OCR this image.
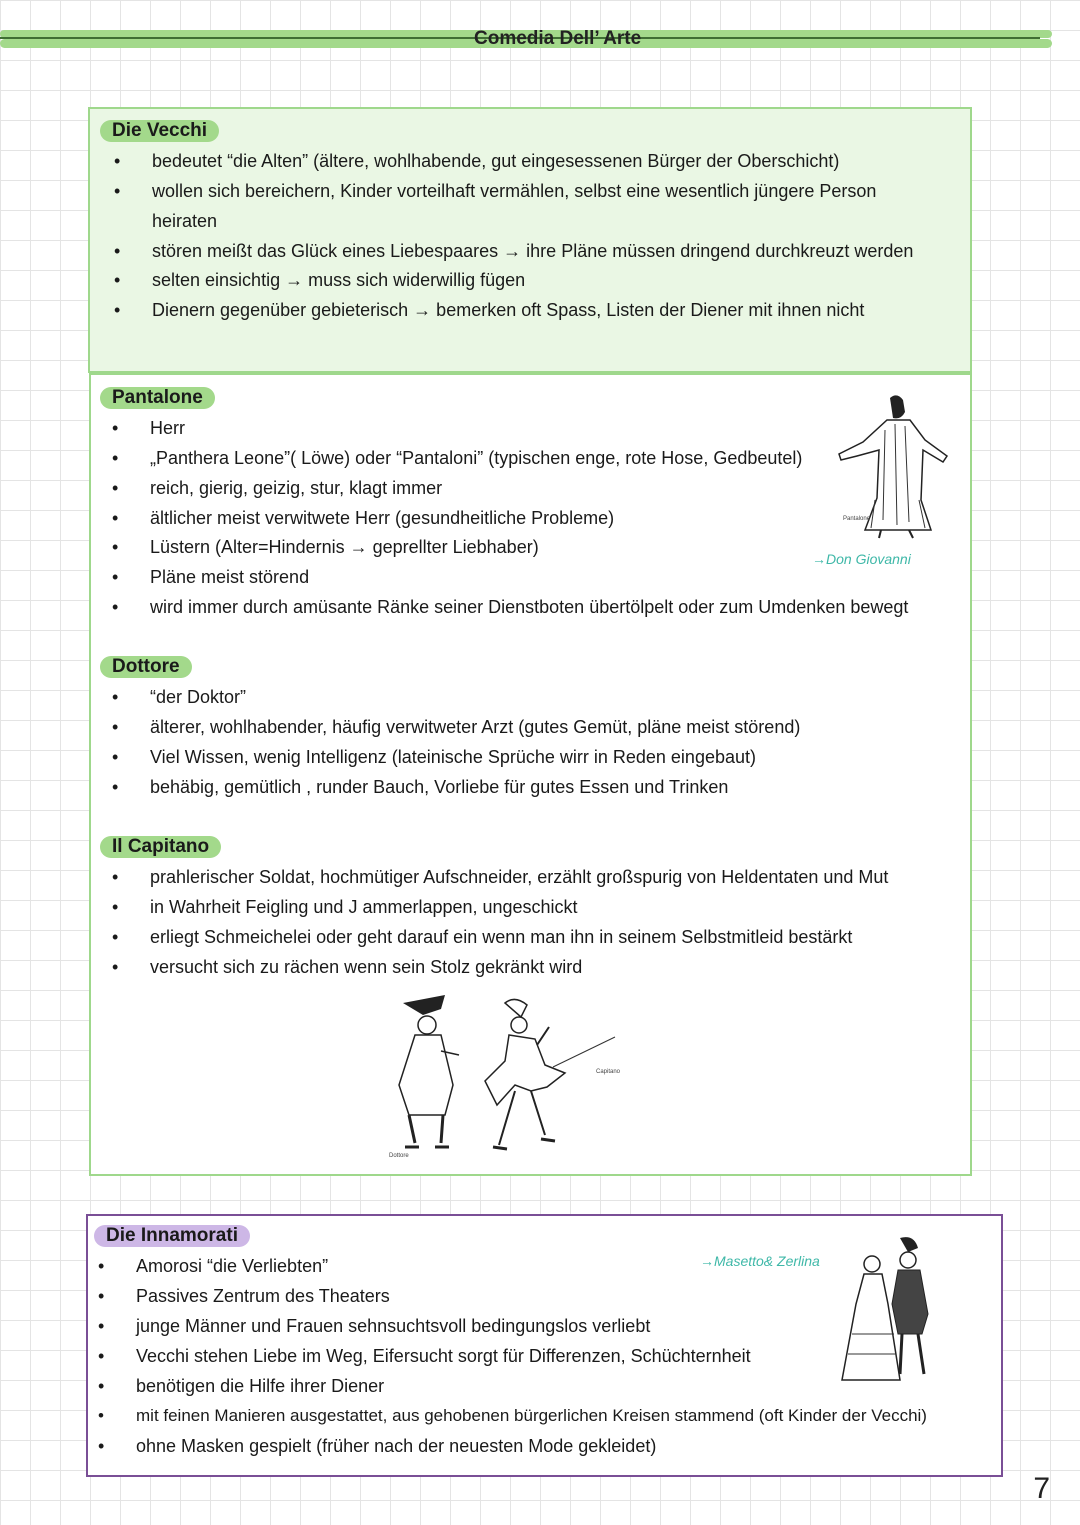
Comedia Dell’ Arte
Die Vecchi
• bedeutet “die Alten” (ältere, wohlhabende, gut eingesessenen Bürger der Oberschicht)
• wollen sich bereichern, Kinder vorteilhaft vermählen, selbst eine wesentlich jüngere Person
heiraten
• stören meißt das Glück eines Liebespaares → ihre Pläne müssen dringend durchkreuzt werden
• selten einsichtig → muss sich widerwillig fügen
• Dienern gegenüber gebieterisch → bemerken oft Spass, Listen der Diener mit ihnen nicht
Pantalone
• Herr
• „Panthera Leone”( Löwe) oder “Pantaloni” (typischen enge, rote Hose, Gedbeutel)
• reich, gierig, geizig, stur, klagt immer
• ältlicher meist verwitwete Herr (gesundheitliche Probleme)
• Lüstern (Alter=Hindernis → geprellter Liebhaber)
• Pläne meist störend
• wird immer durch amüsante Ränke seiner Dienstboten übertölpelt oder zum Umdenken bewegt
Pantalone
→Don Giovanni
Dottore
• “der Doktor”
• älterer, wohlhabender, häufig verwitweter Arzt (gutes Gemüt, pläne meist störend)
• Viel Wissen, wenig Intelligenz (lateinische Sprüche wirr in Reden eingebaut)
• behäbig, gemütlich , runder Bauch, Vorliebe für gutes Essen und Trinken
Il Capitano
• prahlerischer Soldat, hochmütiger Aufschneider, erzählt großspurig von Heldentaten und Mut
• in Wahrheit Feigling und J ammerlappen, ungeschickt
• erliegt Schmeichelei oder geht darauf ein wenn man ihn in seinem Selbstmitleid bestärkt
• versucht sich zu rächen wenn sein Stolz gekränkt wird
Dottore
Capitano
Die Innamorati
• Amorosi “die Verliebten”
• Passives Zentrum des Theaters
• junge Männer und Frauen sehnsuchtsvoll bedingungslos verliebt
• Vecchi stehen Liebe im Weg, Eifersucht sorgt für Differenzen, Schüchternheit
• benötigen die Hilfe ihrer Diener
• mit feinen Manieren ausgestattet, aus gehobenen bürgerlichen Kreisen stammend (oft Kinder der Vecchi)
• ohne Masken gespielt (früher nach der neuesten Mode gekleidet)
→Masetto& Zerlina
7
